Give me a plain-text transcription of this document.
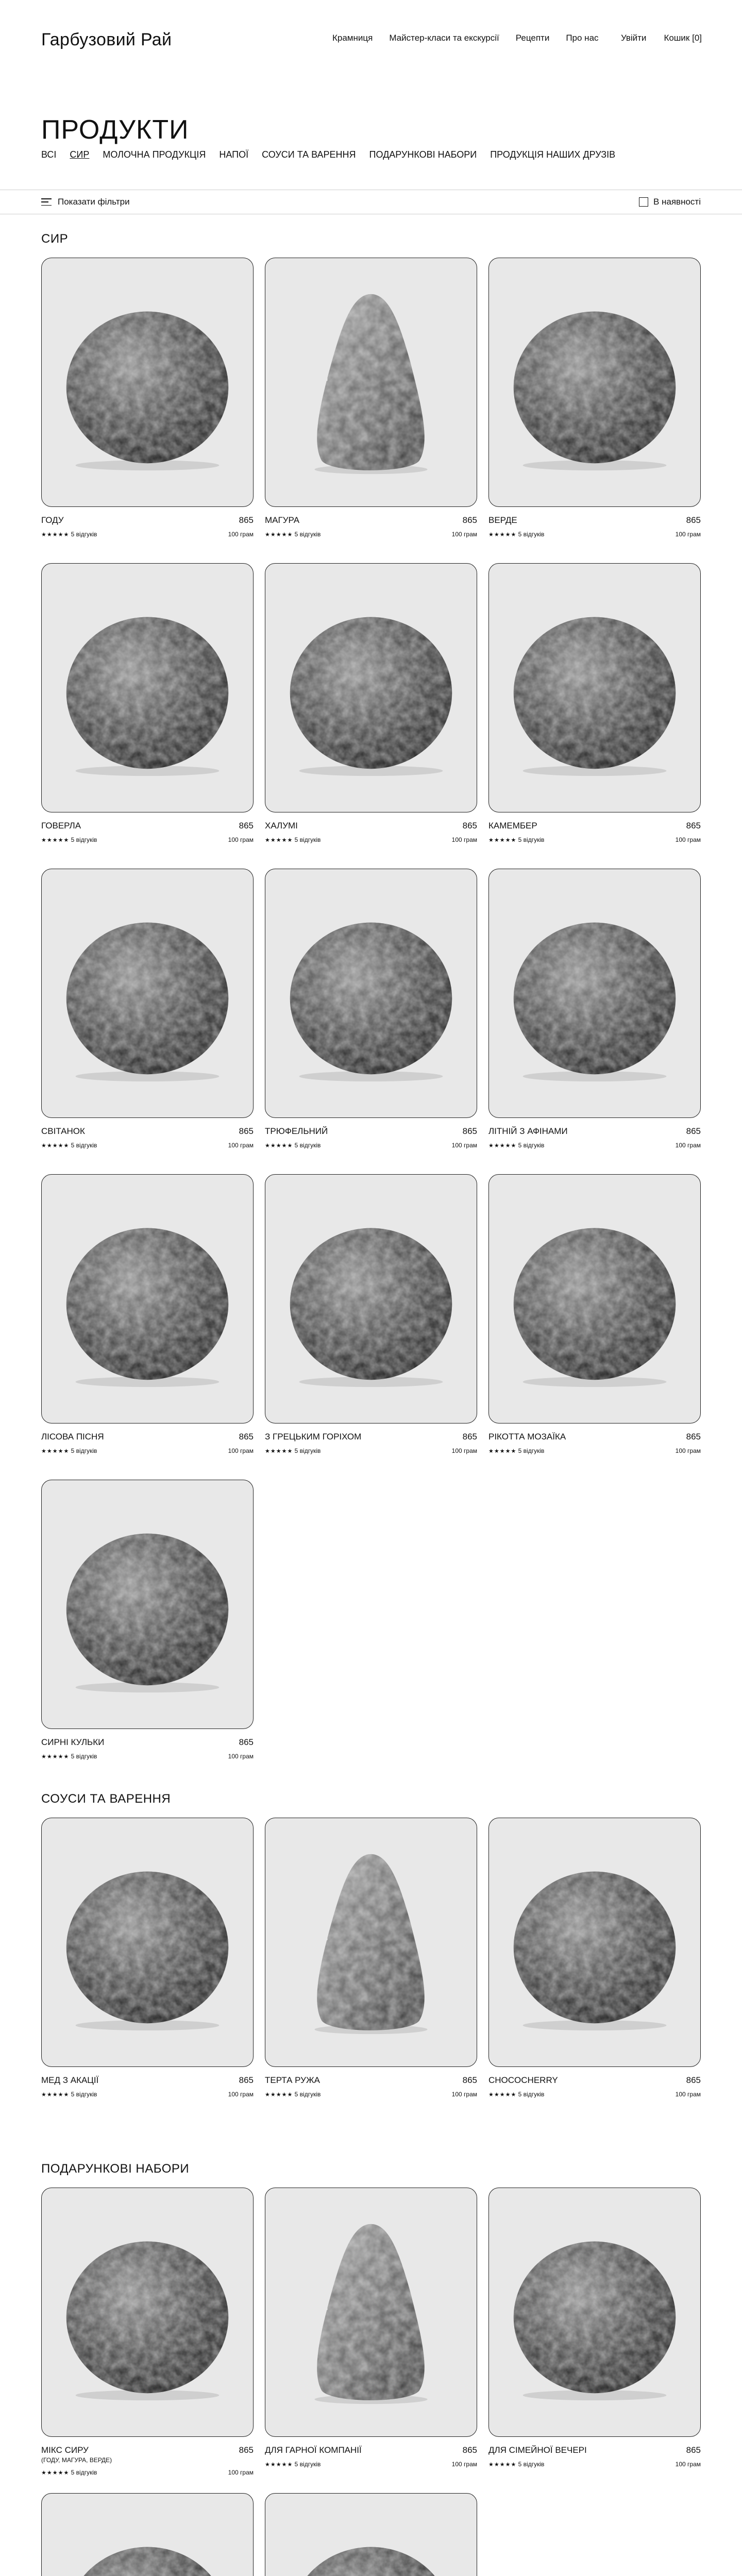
Гарбузовий Рай	Крамниця Майстер-класи та екскурсії Рецепти Про нас	Увійти Кошик [0]
ПРОДУКТИ
ВСІ СИР МОЛОЧНА ПРОДУКЦІЯ НАПОЇ СОУСИ ТА ВАРЕННЯ ПОДАРУНКОВІ НАБОРИ ПРОДУКЦІЯ НАШИХ ДРУЗІВ
Показати фільтри	В наявності
СИР
ГОДУ	865
★★★★★ 5 відгуків	100 грам
МАГУРА	865
★★★★★ 5 відгуків	100 грам
ВЕРДЕ	865
★★★★★ 5 відгуків	100 грам
ГОВЕРЛА	865
★★★★★ 5 відгуків	100 грам
ХАЛУМІ	865
★★★★★ 5 відгуків	100 грам
КАМЕМБЕР	865
★★★★★ 5 відгуків	100 грам
СВІТАНОК	865
★★★★★ 5 відгуків	100 грам
ТРЮФЕЛЬНИЙ	865
★★★★★ 5 відгуків	100 грам
ЛІТНІЙ З АФІНАМИ	865
★★★★★ 5 відгуків	100 грам
ЛІСОВА ПІСНЯ	865
★★★★★ 5 відгуків	100 грам
З ГРЕЦЬКИМ ГОРІХОМ	865
★★★★★ 5 відгуків	100 грам
РІКОТТА МОЗАЇКА	865
★★★★★ 5 відгуків	100 грам
СИРНІ КУЛЬКИ	865
★★★★★ 5 відгуків	100 грам
СОУСИ ТА ВАРЕННЯ
МЕД З АКАЦІЇ	865
★★★★★ 5 відгуків	100 грам
ТЕРТА РУЖА	865
★★★★★ 5 відгуків	100 грам
CHOCOCHERRY	865
★★★★★ 5 відгуків	100 грам
ПОДАРУНКОВІ НАБОРИ
МІКС СИРУ	865
(ГОДУ, МАГУРА, ВЕРДЕ)
★★★★★ 5 відгуків	100 грам
ДЛЯ ГАРНОЇ КОМПАНІЇ	865
★★★★★ 5 відгуків	100 грам
ДЛЯ СІМЕЙНОЇ ВЕЧЕРІ	865
★★★★★ 5 відгуків	100 грам
